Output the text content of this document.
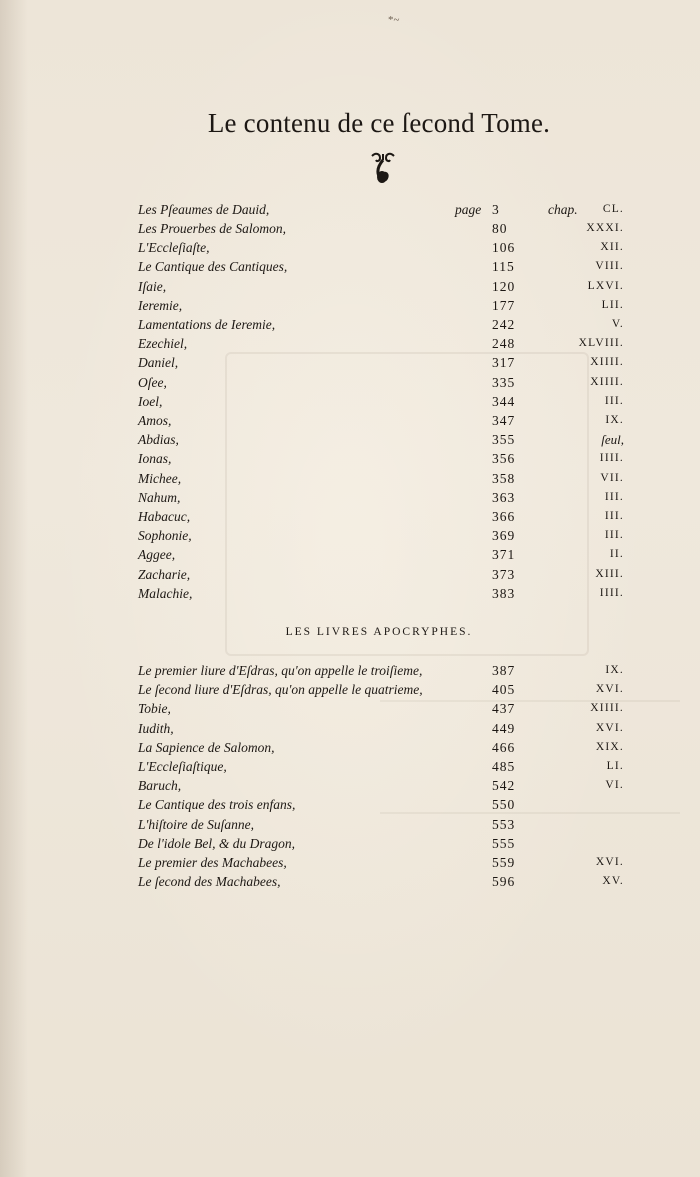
*~
Le contenu de ce ſecond Tome.
Les Pſeaumes de Dauid,	page 3	chap. CL.
Les Prouerbes de Salomon,	80	XXXI.
L'Eccleſiaſte,	106	XII.
Le Cantique des Cantiques,	115	VIII.
Iſaie,	120	LXVI.
Ieremie,	177	LII.
Lamentations de Ieremie,	242	V.
Ezechiel,	248	XLVIII.
Daniel,	317	XIIII.
Oſee,	335	XIIII.
Ioel,	344	III.
Amos,	347	IX.
Abdias,	355	ſeul,
Ionas,	356	IIII.
Michee,	358	VII.
Nahum,	363	III.
Habacuc,	366	III.
Sophonie,	369	III.
Aggee,	371	II.
Zacharie,	373	XIII.
Malachie,	383	IIII.
LES LIVRES APOCRYPHES.
Le premier liure d'Eſdras, qu'on appelle le troiſieme,	387	IX.
Le ſecond liure d'Eſdras, qu'on appelle le quatrieme,	405	XVI.
Tobie,	437	XIIII.
Iudith,	449	XVI.
La Sapience de Salomon,	466	XIX.
L'Eccleſiaſtique,	485	LI.
Baruch,	542	VI.
Le Cantique des trois enfans,	550
L'hiſtoire de Suſanne,	553
De l'idole Bel, & du Dragon,	555
Le premier des Machabees,	559	XVI.
Le ſecond des Machabees,	596	XV.
